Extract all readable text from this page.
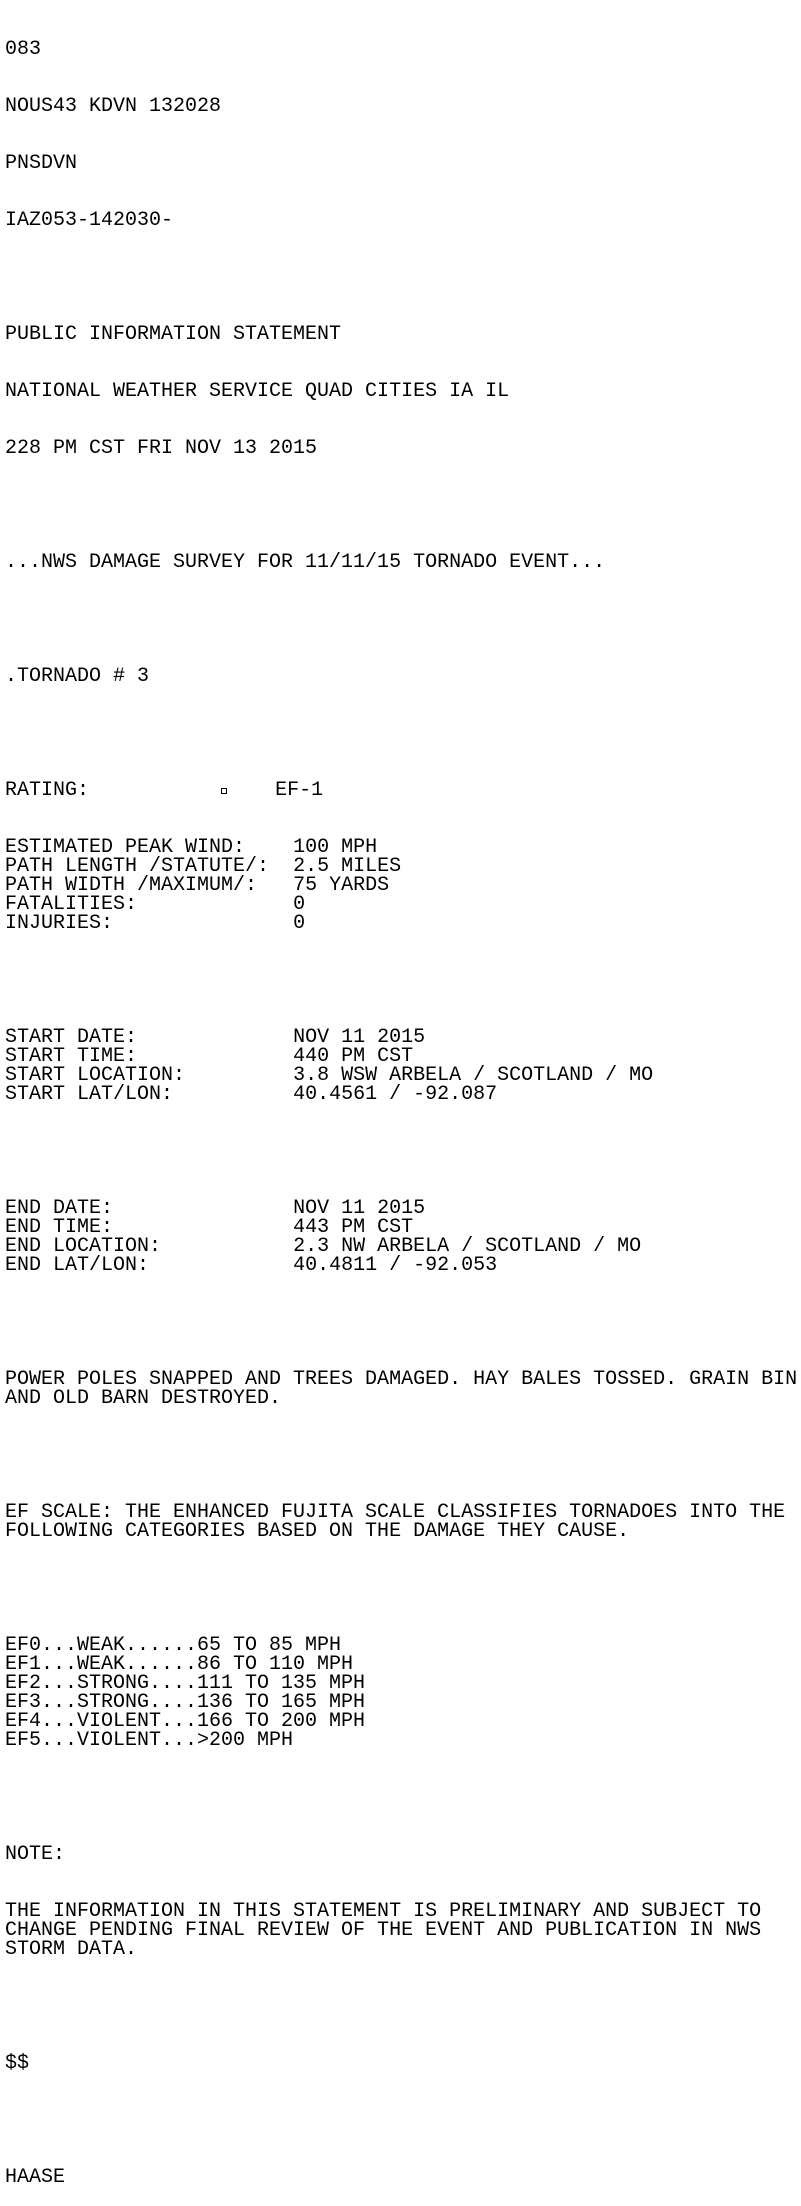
083

NOUS43 KDVN 132028

PNSDVN

IAZ053-142030-

PUBLIC INFORMATION STATEMENT

NATIONAL WEATHER SERVICE QUAD CITIES IA IL

228 PM CST FRI NOV 13 2015

...NWS DAMAGE SURVEY FOR 11/11/15 TORNADO EVENT...

.TORNADO # 3

RATING:	EF-1

ESTIMATED PEAK WIND: 100 MPH
PATH LENGTH /STATUTE/: 2.5 MILES
PATH WIDTH /MAXIMUM/: 75 YARDS
FATALITIES:	0
INJURIES:	0

START DATE:	NOV 11 2015
START TIME:	440 PM CST
START LOCATION:	3.8 WSW ARBELA / SCOTLAND / MO
START LAT/LON:	40.4561 / -92.087

END DATE:	NOV 11 2015
END TIME:	443 PM CST
END LOCATION:	2.3 NW ARBELA / SCOTLAND / MO
END LAT/LON:	40.4811 / -92.053

POWER POLES SNAPPED AND TREES DAMAGED. HAY BALES TOSSED. GRAIN BIN
AND OLD BARN DESTROYED.

EF SCALE: THE ENHANCED FUJITA SCALE CLASSIFIES TORNADOES INTO THE
FOLLOWING CATEGORIES BASED ON THE DAMAGE THEY CAUSE.

EF0...WEAK......65 TO 85 MPH
EF1...WEAK......86 TO 110 MPH
EF2...STRONG....111 TO 135 MPH
EF3...STRONG....136 TO 165 MPH
EF4...VIOLENT...166 TO 200 MPH
EF5...VIOLENT...>200 MPH

NOTE:

THE INFORMATION IN THIS STATEMENT IS PRELIMINARY AND SUBJECT TO
CHANGE PENDING FINAL REVIEW OF THE EVENT AND PUBLICATION IN NWS
STORM DATA.

$$

HAASE
